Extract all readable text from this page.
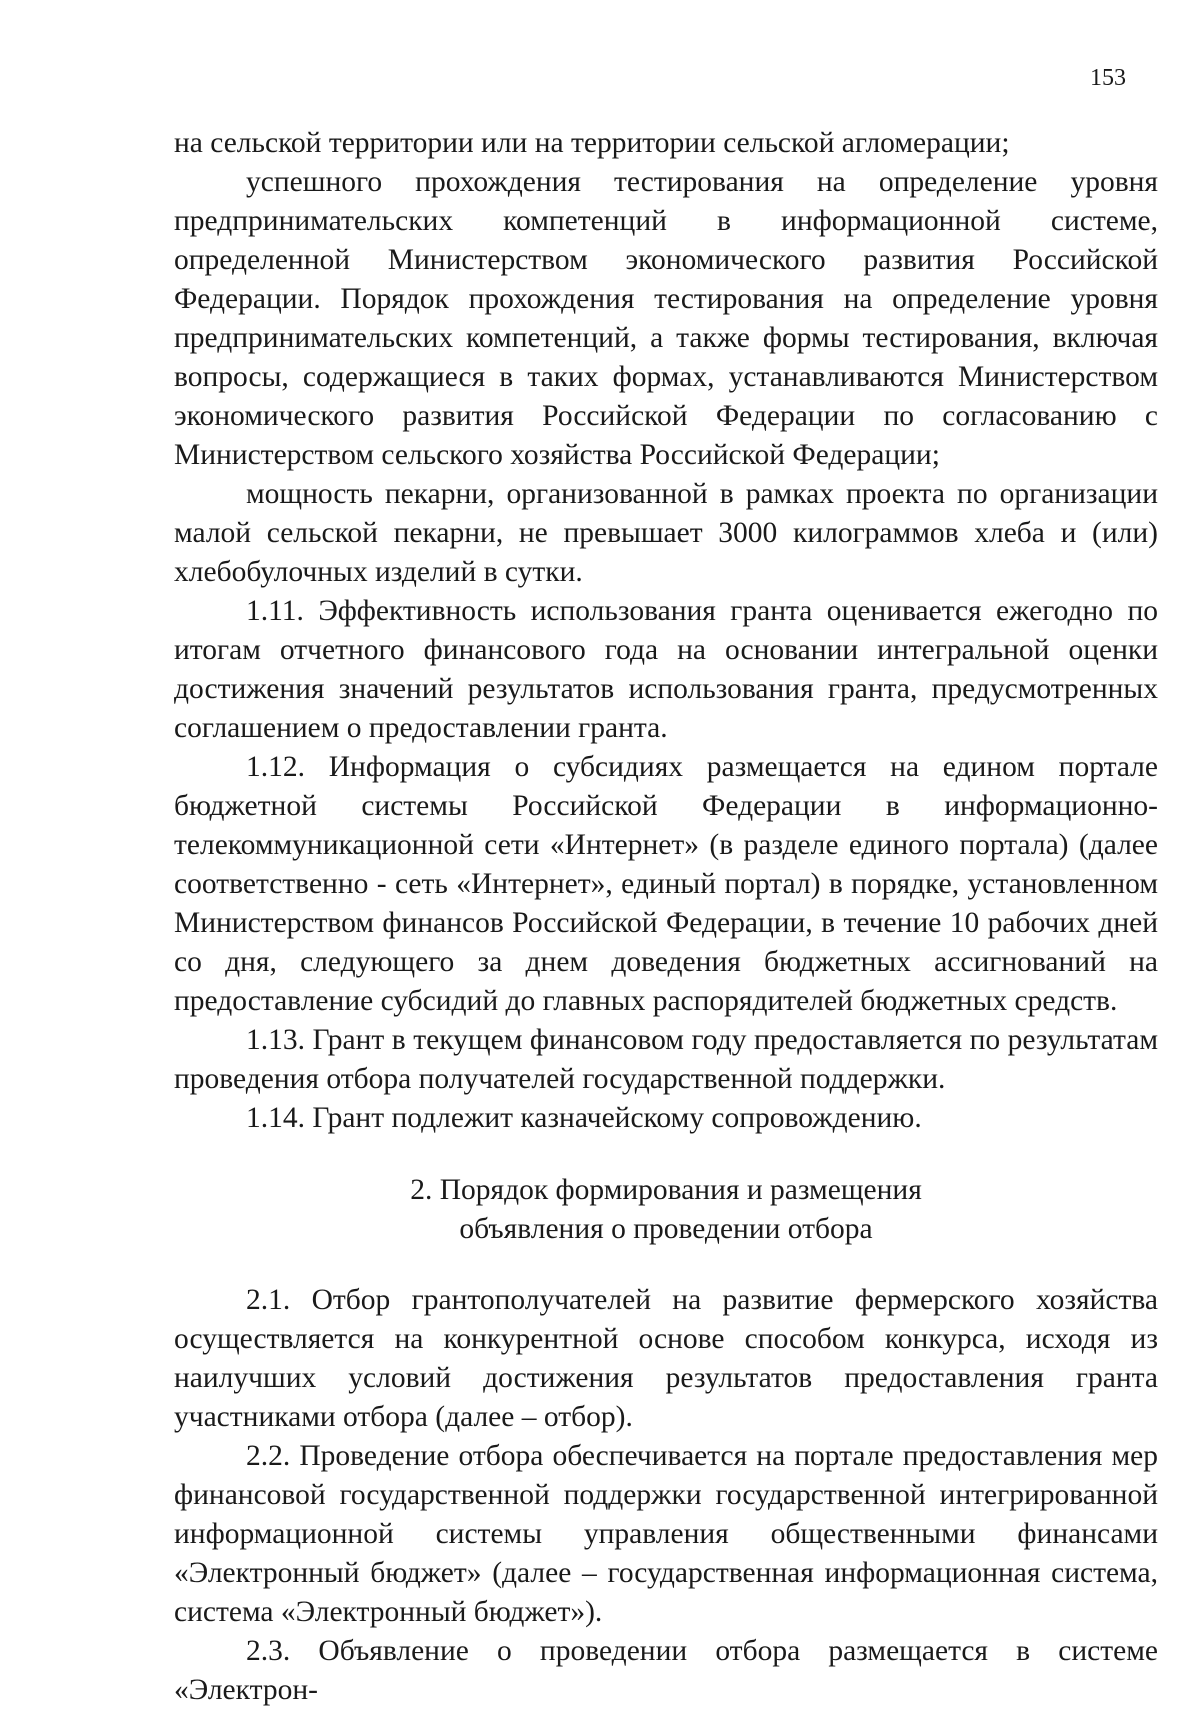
153

на сельской территории или на территории сельской агломерации;

успешного прохождения тестирования на определение уровня предпринимательских компетенций в информационной системе, определенной Министерством экономического развития Российской Федерации. Порядок прохождения тестирования на определение уровня предпринимательских компетенций, а также формы тестирования, включая вопросы, содержащиеся в таких формах, устанавливаются Министерством экономического развития Российской Федерации по согласованию с Министерством сельского хозяйства Российской Федерации;

мощность пекарни, организованной в рамках проекта по организации малой сельской пекарни, не превышает 3000 килограммов хлеба и (или) хлебобулочных изделий в сутки.

1.11. Эффективность использования гранта оценивается ежегодно по итогам отчетного финансового года на основании интегральной оценки достижения значений результатов использования гранта, предусмотренных соглашением о предоставлении гранта.

1.12. Информация о субсидиях размещается на едином портале бюджетной системы Российской Федерации в информационно-телекоммуникационной сети «Интернет» (в разделе единого портала) (далее соответственно - сеть «Интернет», единый портал) в порядке, установленном Министерством финансов Российской Федерации, в течение 10 рабочих дней со дня, следующего за днем доведения бюджетных ассигнований на предоставление субсидий до главных распорядителей бюджетных средств.

1.13. Грант в текущем финансовом году предоставляется по результатам проведения отбора получателей государственной поддержки.

1.14. Грант подлежит казначейскому сопровождению.

2. Порядок формирования и размещения
объявления о проведении отбора

2.1. Отбор грантополучателей на развитие фермерского хозяйства осуществляется на конкурентной основе способом конкурса, исходя из наилучших условий достижения результатов предоставления гранта участниками отбора (далее – отбор).

2.2. Проведение отбора обеспечивается на портале предоставления мер финансовой государственной поддержки государственной интегрированной информационной системы управления общественными финансами «Электронный бюджет» (далее – государственная информационная система, система «Электронный бюджет»).

2.3. Объявление о проведении отбора размещается в системе «Электрон-
